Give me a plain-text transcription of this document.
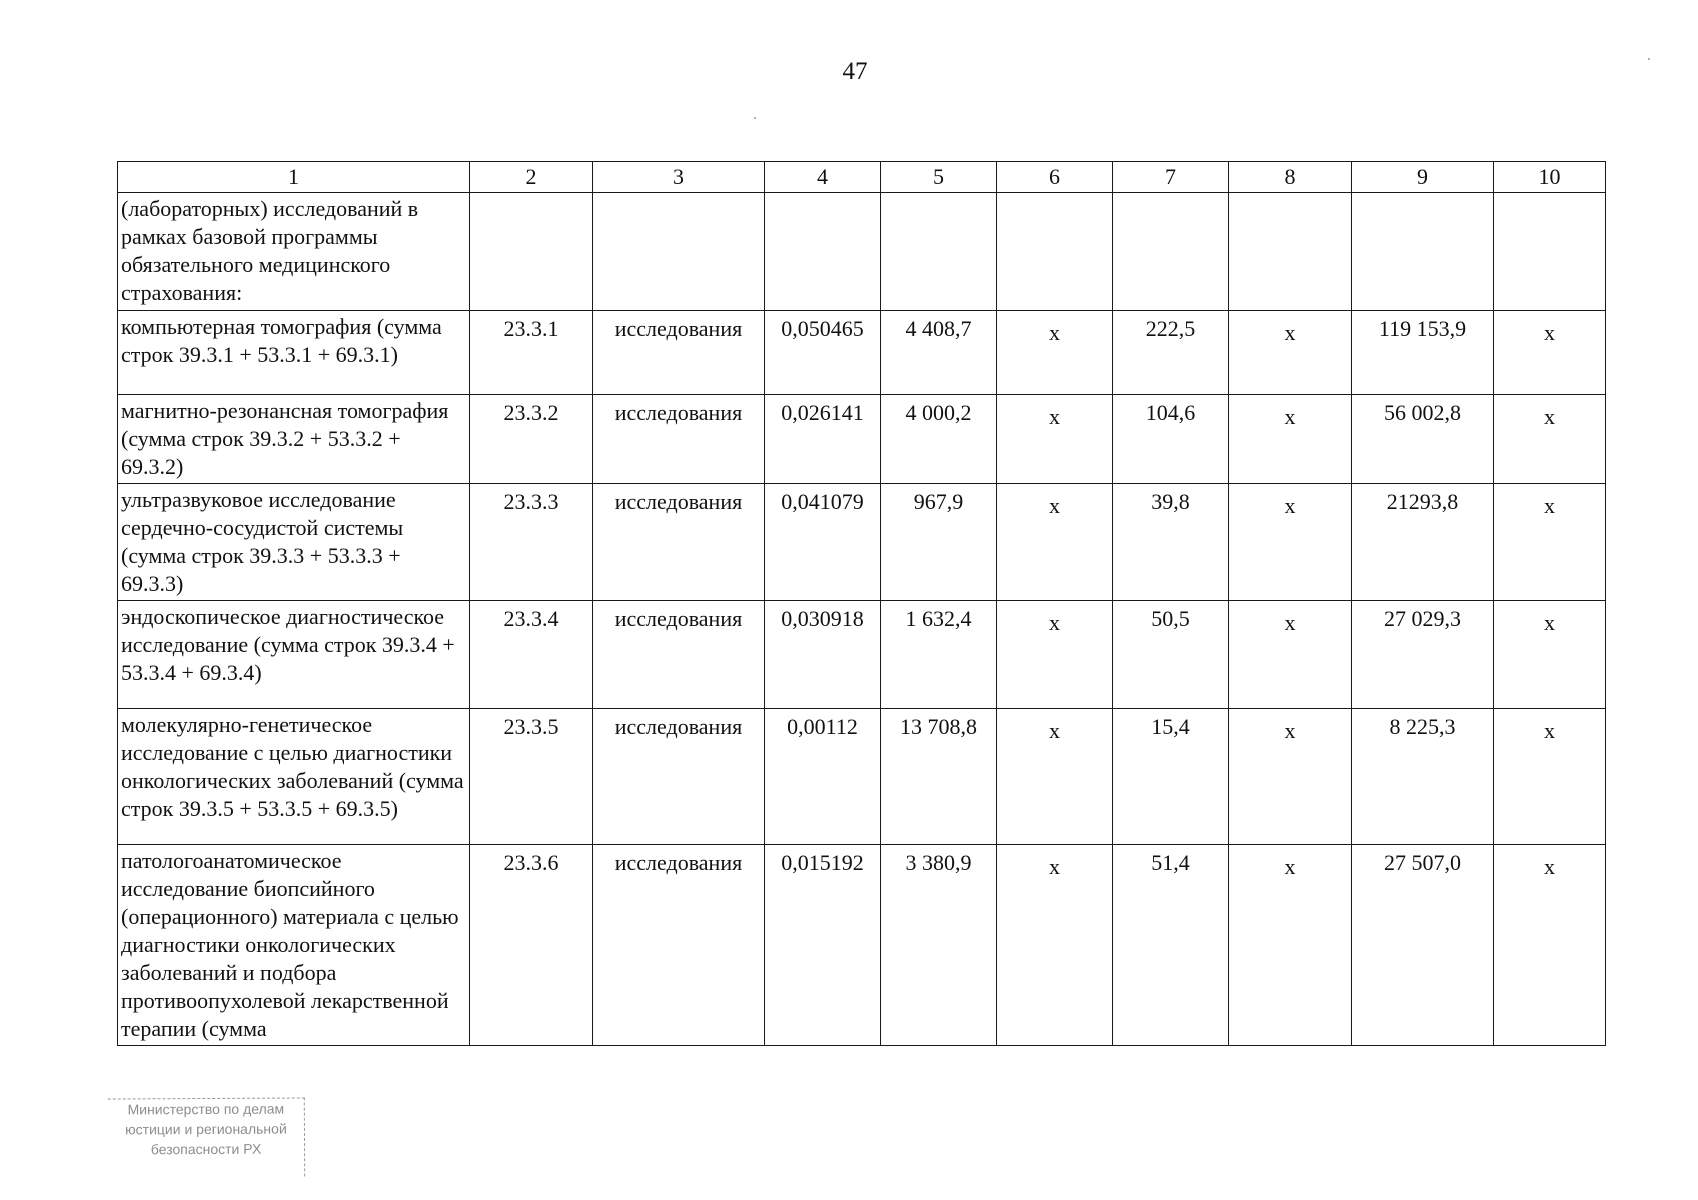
47
1	2	3	4	5	6	7	8	9	10
(лабораторных) исследований в рамках базовой программы обязательного медицинского страхования:									
компьютерная томография (сумма строк 39.3.1 + 53.3.1 + 69.3.1)	23.3.1	исследования	0,050465	4 408,7	х	222,5	х	119 153,9	х
магнитно-резонансная томография (сумма строк 39.3.2 + 53.3.2 + 69.3.2)	23.3.2	исследования	0,026141	4 000,2	х	104,6	х	56 002,8	х
ультразвуковое исследование сердечно-сосудистой системы (сумма строк 39.3.3 + 53.3.3 + 69.3.3)	23.3.3	исследования	0,041079	967,9	х	39,8	х	21293,8	х
эндоскопическое диагностическое исследование (сумма строк 39.3.4 + 53.3.4 + 69.3.4)	23.3.4	исследования	0,030918	1 632,4	х	50,5	х	27 029,3	х
молекулярно-генетическое исследование с целью диагностики онкологических заболеваний (сумма строк 39.3.5 + 53.3.5 + 69.3.5)	23.3.5	исследования	0,00112	13 708,8	х	15,4	х	8 225,3	х
патологоанатомическое исследование биопсийного (операционного) материала с целью диагностики онкологических заболеваний и подбора противоопухолевой лекарственной терапии (сумма	23.3.6	исследования	0,015192	3 380,9	х	51,4	х	27 507,0	х
Министерство по делам
юстиции и региональной
безопасности РХ
